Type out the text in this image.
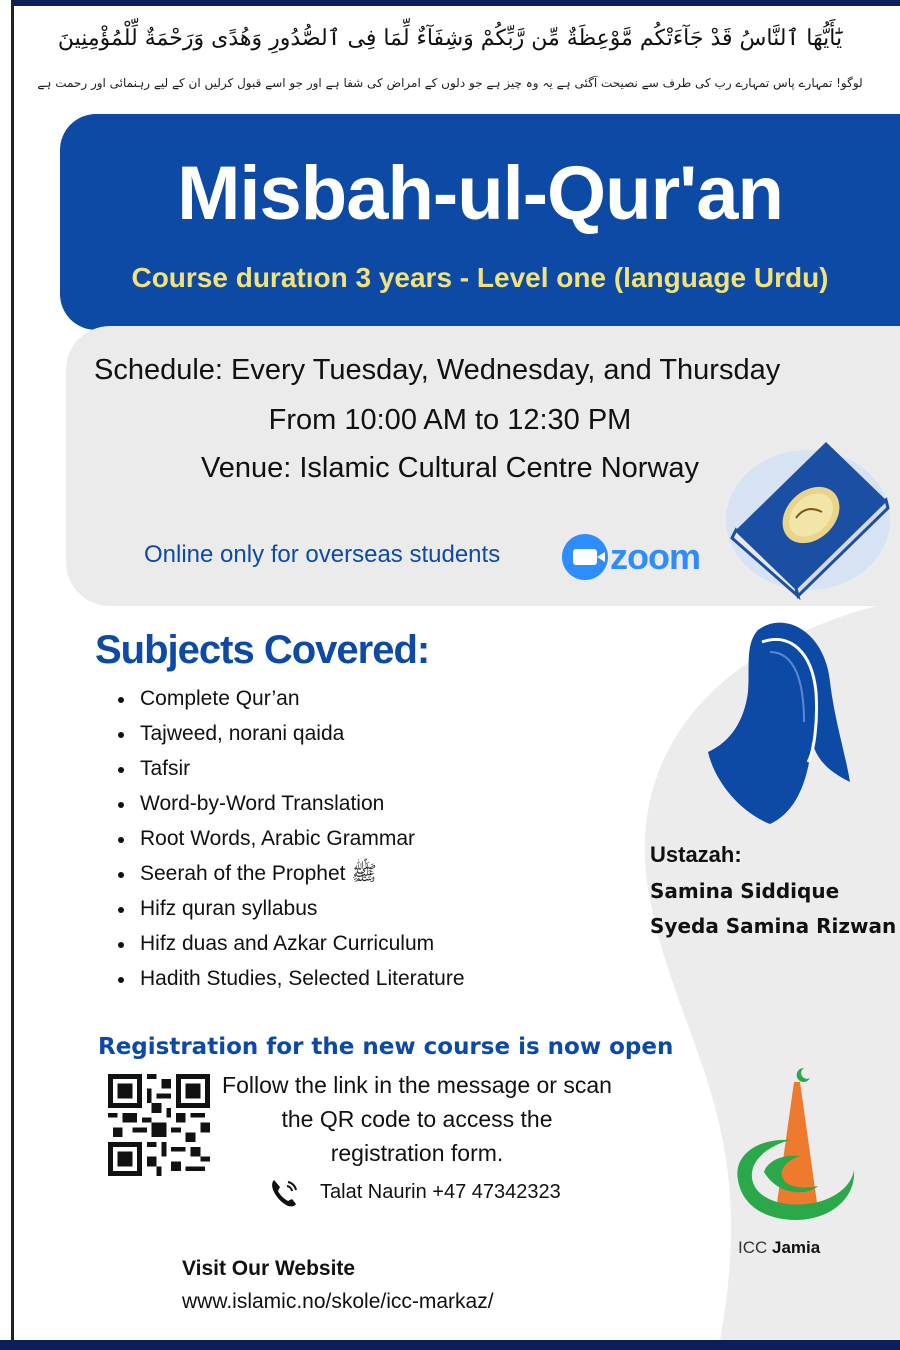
يَٰٓأَيُّهَا ٱلنَّاسُ قَدْ جَآءَتْكُم مَّوْعِظَةٌ مِّن رَّبِّكُمْ وَشِفَآءٌ لِّمَا فِى ٱلصُّدُورِ وَهُدًى وَرَحْمَةٌ لِّلْمُؤْمِنِينَ
لوگو! تمہارے پاس تمہارے رب کی طرف سے نصیحت آگئی ہے یہ وہ چیز ہے جو دلوں کے امراض کی شفا ہے اور جو اسے قبول کرلیں ان کے لیے رہنمائی اور رحمت ہے
Misbah-ul-Qur'an
Course duratıon 3 years - Level one (language Urdu)
Schedule: Every Tuesday, Wednesday, and Thursday
From 10:00 AM to 12:30 PM
Venue: Islamic Cultural Centre Norway
Online only for overseas students	zoom
Subjects Covered:
Complete Qur’an
Tajweed, norani qaida
Tafsir
Word-by-Word Translation
Root Words, Arabic Grammar
Seerah of the Prophet ﷺ
Hifz quran syllabus
Hifz duas and Azkar Curriculum
Hadith Studies, Selected Literature
Ustazah:
Samina Siddique
Syeda Samina Rizwan
Registration for the new course is now open
Follow the link in the message or scan the QR code to access the registration form.
Talat Naurin +47 47342323
ICC Jamia
Visit Our Website
www.islamic.no/skole/icc-markaz/
